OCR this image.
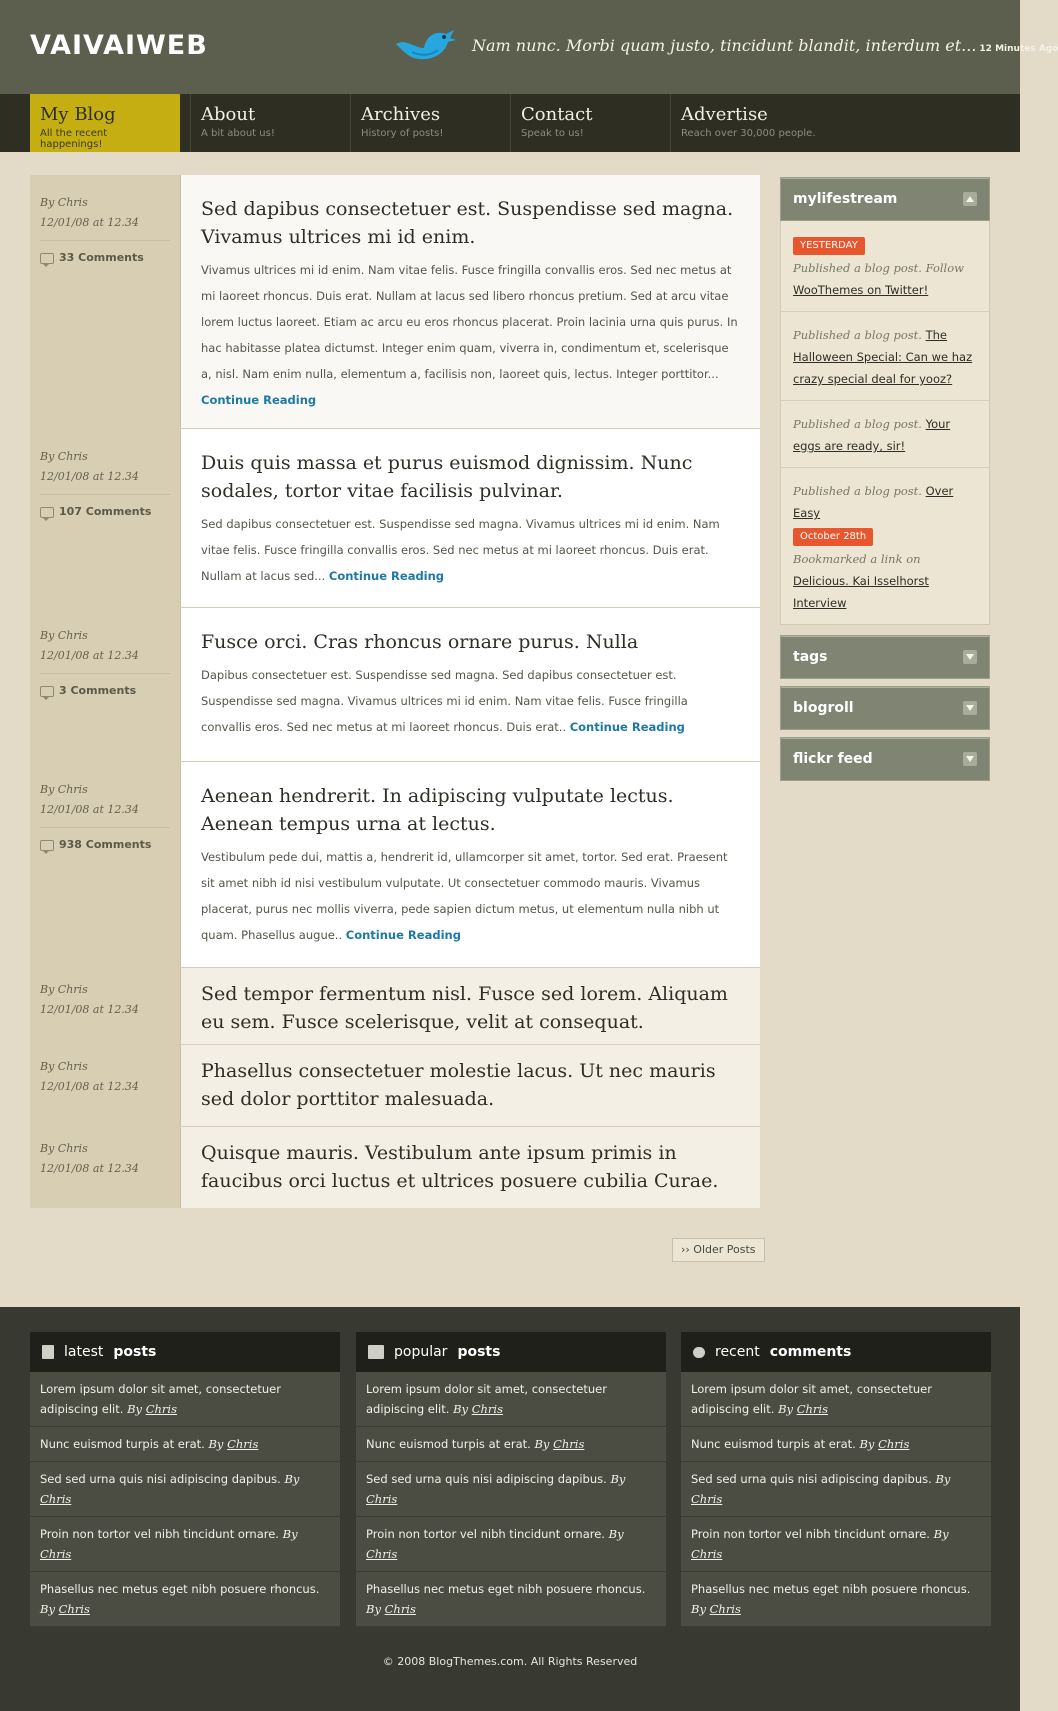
VAIVAIWEB	Nam nunc. Morbi quam justo, tincidunt blandit, interdum et... 12 Minutes Ago
My Blog
All the recent happenings!
About
A bit about us!
Archives
History of posts!
Contact
Speak to us!
Advertise
Reach over 30,000 people.
By Chris
12/01/08 at 12.34
33 Comments
Sed dapibus consectetuer est. Suspendisse sed magna. Vivamus ultrices mi id enim.

Vivamus ultrices mi id enim. Nam vitae felis. Fusce fringilla convallis eros. Sed nec metus at mi laoreet rhoncus. Duis erat. Nullam at lacus sed libero rhoncus pretium. Sed at arcu vitae lorem luctus laoreet. Etiam ac arcu eu eros rhoncus placerat. Proin lacinia urna quis purus. In hac habitasse platea dictumst. Integer enim quam, viverra in, condimentum et, scelerisque a, nisl. Nam enim nulla, elementum a, facilisis non, laoreet quis, lectus. Integer porttitor... Continue Reading

By Chris
12/01/08 at 12.34
107 Comments
Duis quis massa et purus euismod dignissim. Nunc sodales, tortor vitae facilisis pulvinar.

Sed dapibus consectetuer est. Suspendisse sed magna. Vivamus ultrices mi id enim. Nam vitae felis. Fusce fringilla convallis eros. Sed nec metus at mi laoreet rhoncus. Duis erat. Nullam at lacus sed... Continue Reading

By Chris
12/01/08 at 12.34
3 Comments
Fusce orci. Cras rhoncus ornare purus. Nulla

Dapibus consectetuer est. Suspendisse sed magna. Sed dapibus consectetuer est. Suspendisse sed magna. Vivamus ultrices mi id enim. Nam vitae felis. Fusce fringilla convallis eros. Sed nec metus at mi laoreet rhoncus. Duis erat.. Continue Reading

By Chris
12/01/08 at 12.34
938 Comments
Aenean hendrerit. In adipiscing vulputate lectus. Aenean tempus urna at lectus.

Vestibulum pede dui, mattis a, hendrerit id, ullamcorper sit amet, tortor. Sed erat. Praesent sit amet nibh id nisi vestibulum vulputate. Ut consectetuer commodo mauris. Vivamus placerat, purus nec mollis viverra, pede sapien dictum metus, ut elementum nulla nibh ut quam. Phasellus augue.. Continue Reading

By Chris
12/01/08 at 12.34
Sed tempor fermentum nisl. Fusce sed lorem. Aliquam eu sem. Fusce scelerisque, velit at consequat.
By Chris
12/01/08 at 12.34
Phasellus consectetuer molestie lacus. Ut nec mauris sed dolor porttitor malesuada.
By Chris
12/01/08 at 12.34
Quisque mauris. Vestibulum ante ipsum primis in faucibus orci luctus et ultrices posuere cubilia Curae.
›› Older Posts
mylifestream
YESTERDAY
Published a blog post. Follow WooThemes on Twitter!
Published a blog post. The Halloween Special: Can we haz crazy special deal for yooz?
Published a blog post. Your eggs are ready, sir!
Published a blog post. Over Easy
October 28th
Bookmarked a link on Delicious. Kai Isselhorst Interview
tags
blogroll
flickr feed
latest posts
Lorem ipsum dolor sit amet, consectetuer adipiscing elit. By Chris
Nunc euismod turpis at erat. By Chris
Sed sed urna quis nisi adipiscing dapibus. By Chris
Proin non tortor vel nibh tincidunt ornare. By Chris
Phasellus nec metus eget nibh posuere rhoncus. By Chris
popular posts
Lorem ipsum dolor sit amet, consectetuer adipiscing elit. By Chris
Nunc euismod turpis at erat. By Chris
Sed sed urna quis nisi adipiscing dapibus. By Chris
Proin non tortor vel nibh tincidunt ornare. By Chris
Phasellus nec metus eget nibh posuere rhoncus. By Chris
recent comments
Lorem ipsum dolor sit amet, consectetuer adipiscing elit. By Chris
Nunc euismod turpis at erat. By Chris
Sed sed urna quis nisi adipiscing dapibus. By Chris
Proin non tortor vel nibh tincidunt ornare. By Chris
Phasellus nec metus eget nibh posuere rhoncus. By Chris
© 2008 BlogThemes.com. All Rights Reserved
